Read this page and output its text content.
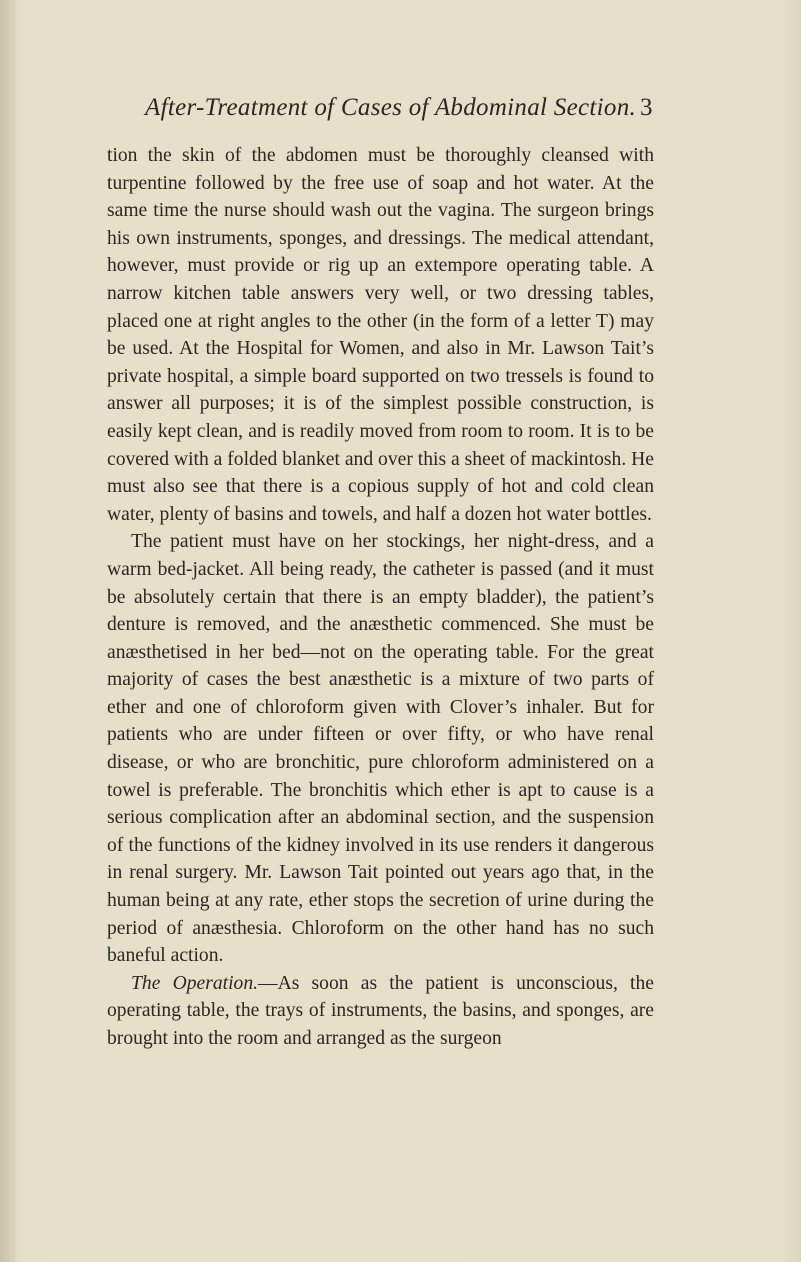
After-Treatment of Cases of Abdominal Section. 3

tion the skin of the abdomen must be thoroughly cleansed with turpentine followed by the free use of soap and hot water. At the same time the nurse should wash out the vagina. The surgeon brings his own instruments, sponges, and dressings. The medical attendant, however, must provide or rig up an extempore operating table. A narrow kitchen table answers very well, or two dressing tables, placed one at right angles to the other (in the form of a letter T) may be used. At the Hospital for Women, and also in Mr. Lawson Tait’s private hospital, a simple board supported on two tressels is found to answer all purposes; it is of the simplest possible construction, is easily kept clean, and is readily moved from room to room. It is to be covered with a folded blanket and over this a sheet of mackintosh. He must also see that there is a copious supply of hot and cold clean water, plenty of basins and towels, and half a dozen hot water bottles.

The patient must have on her stockings, her night-dress, and a warm bed-jacket. All being ready, the catheter is passed (and it must be absolutely certain that there is an empty bladder), the patient’s denture is removed, and the anæsthetic commenced. She must be anæsthetised in her bed—not on the operating table. For the great majority of cases the best anæsthetic is a mixture of two parts of ether and one of chloroform given with Clover’s inhaler. But for patients who are under fifteen or over fifty, or who have renal disease, or who are bronchitic, pure chloroform administered on a towel is preferable. The bronchitis which ether is apt to cause is a serious complication after an abdominal section, and the suspension of the functions of the kidney involved in its use renders it dangerous in renal surgery. Mr. Lawson Tait pointed out years ago that, in the human being at any rate, ether stops the secretion of urine during the period of anæsthesia. Chloroform on the other hand has no such baneful action.

The Operation.—As soon as the patient is unconscious, the operating table, the trays of instruments, the basins, and sponges, are brought into the room and arranged as the surgeon
